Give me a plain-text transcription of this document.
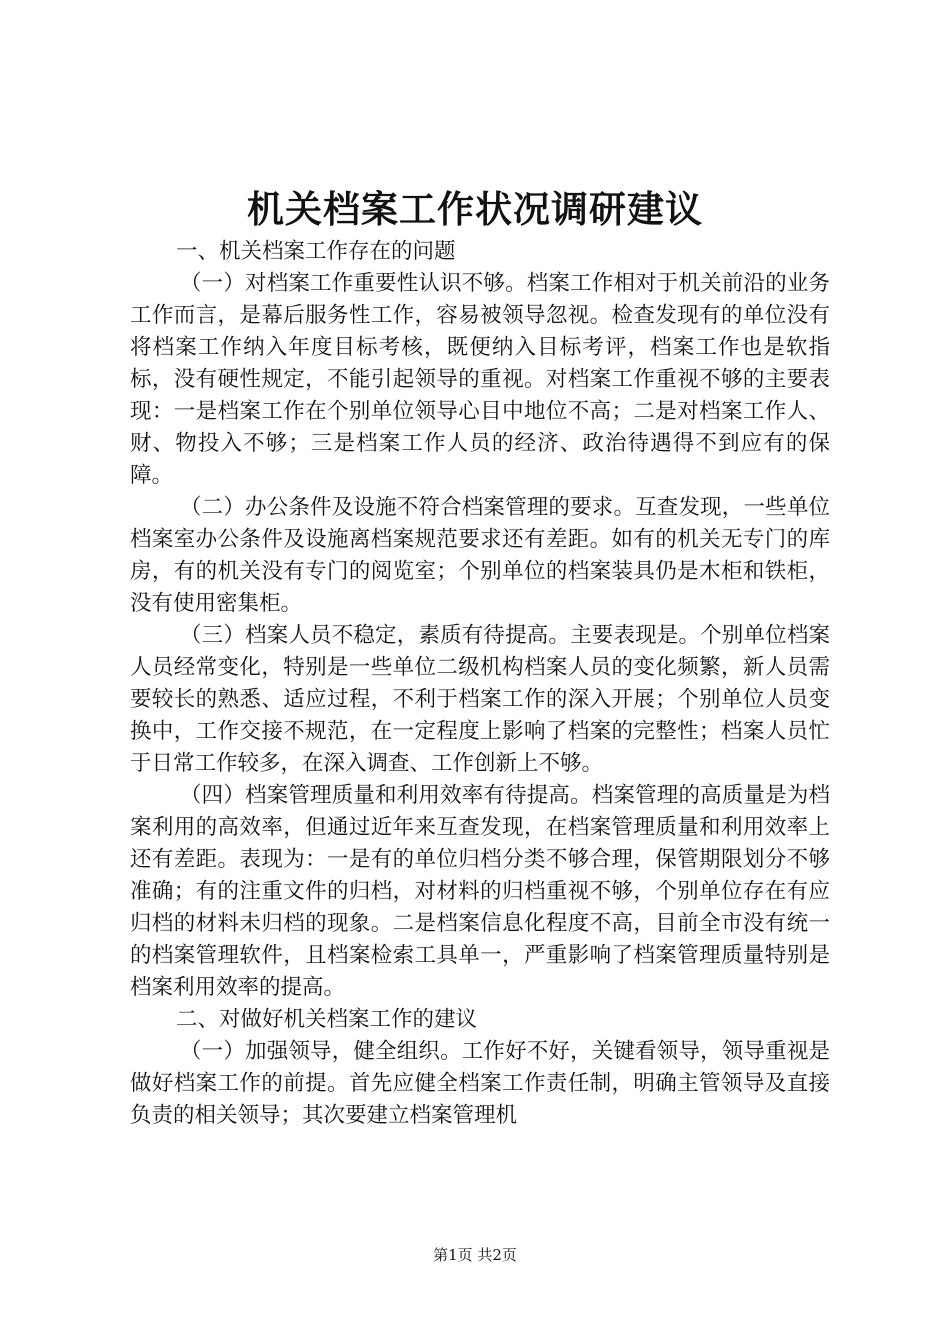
机关档案工作状况调研建议

一、机关档案工作存在的问题

（一）对档案工作重要性认识不够。档案工作相对于机关前沿的业务工作而言，是幕后服务性工作，容易被领导忽视。检查发现有的单位没有将档案工作纳入年度目标考核，既便纳入目标考评，档案工作也是软指标，没有硬性规定，不能引起领导的重视。对档案工作重视不够的主要表现：一是档案工作在个别单位领导心目中地位不高；二是对档案工作人、财、物投入不够；三是档案工作人员的经济、政治待遇得不到应有的保障。

（二）办公条件及设施不符合档案管理的要求。互查发现，一些单位档案室办公条件及设施离档案规范要求还有差距。如有的机关无专门的库房，有的机关没有专门的阅览室；个别单位的档案装具仍是木柜和铁柜，没有使用密集柜。

（三）档案人员不稳定，素质有待提高。主要表现是。个别单位档案人员经常变化，特别是一些单位二级机构档案人员的变化频繁，新人员需要较长的熟悉、适应过程，不利于档案工作的深入开展；个别单位人员变换中，工作交接不规范，在一定程度上影响了档案的完整性；档案人员忙于日常工作较多，在深入调查、工作创新上不够。

（四）档案管理质量和利用效率有待提高。档案管理的高质量是为档案利用的高效率，但通过近年来互查发现，在档案管理质量和利用效率上还有差距。表现为：一是有的单位归档分类不够合理，保管期限划分不够准确；有的注重文件的归档，对材料的归档重视不够，个别单位存在有应归档的材料未归档的现象。二是档案信息化程度不高，目前全市没有统一的档案管理软件，且档案检索工具单一，严重影响了档案管理质量特别是档案利用效率的提高。

二、对做好机关档案工作的建议

（一）加强领导，健全组织。工作好不好，关键看领导，领导重视是做好档案工作的前提。首先应健全档案工作责任制，明确主管领导及直接负责的相关领导；其次要建立档案管理机

第1页 共2页
